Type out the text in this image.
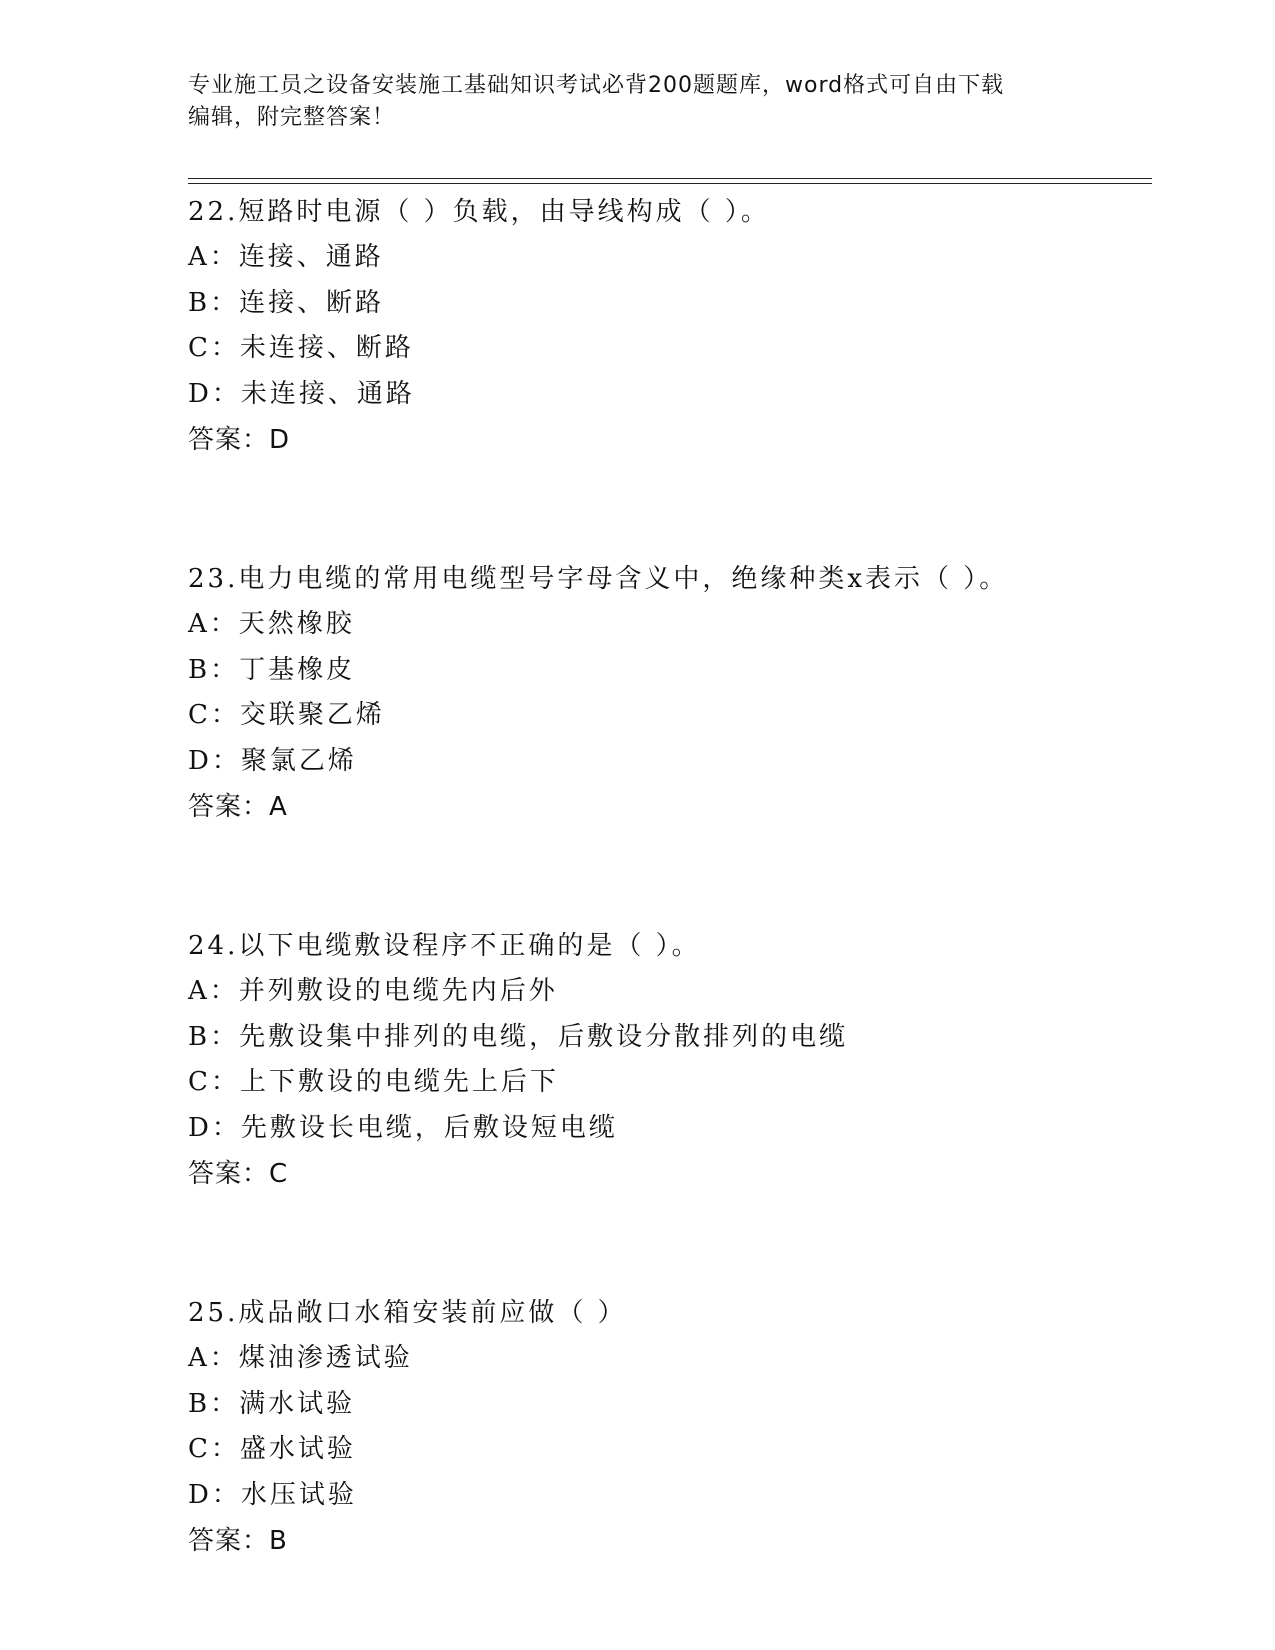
专业施工员之设备安装施工基础知识考试必背200题题库，word格式可自由下载
编辑，附完整答案！
22.短路时电源（ ）负载，由导线构成（ ）。
A：连接、通路
B：连接、断路
C：未连接、断路
D：未连接、通路
答案：D
23.电力电缆的常用电缆型号字母含义中，绝缘种类x表示（ ）。
A：天然橡胶
B：丁基橡皮
C：交联聚乙烯
D：聚氯乙烯
答案：A
24.以下电缆敷设程序不正确的是（ ）。
A：并列敷设的电缆先内后外
B：先敷设集中排列的电缆，后敷设分散排列的电缆
C：上下敷设的电缆先上后下
D：先敷设长电缆，后敷设短电缆
答案：C
25.成品敞口水箱安装前应做（ ）
A：煤油渗透试验
B：满水试验
C：盛水试验
D：水压试验
答案：B
